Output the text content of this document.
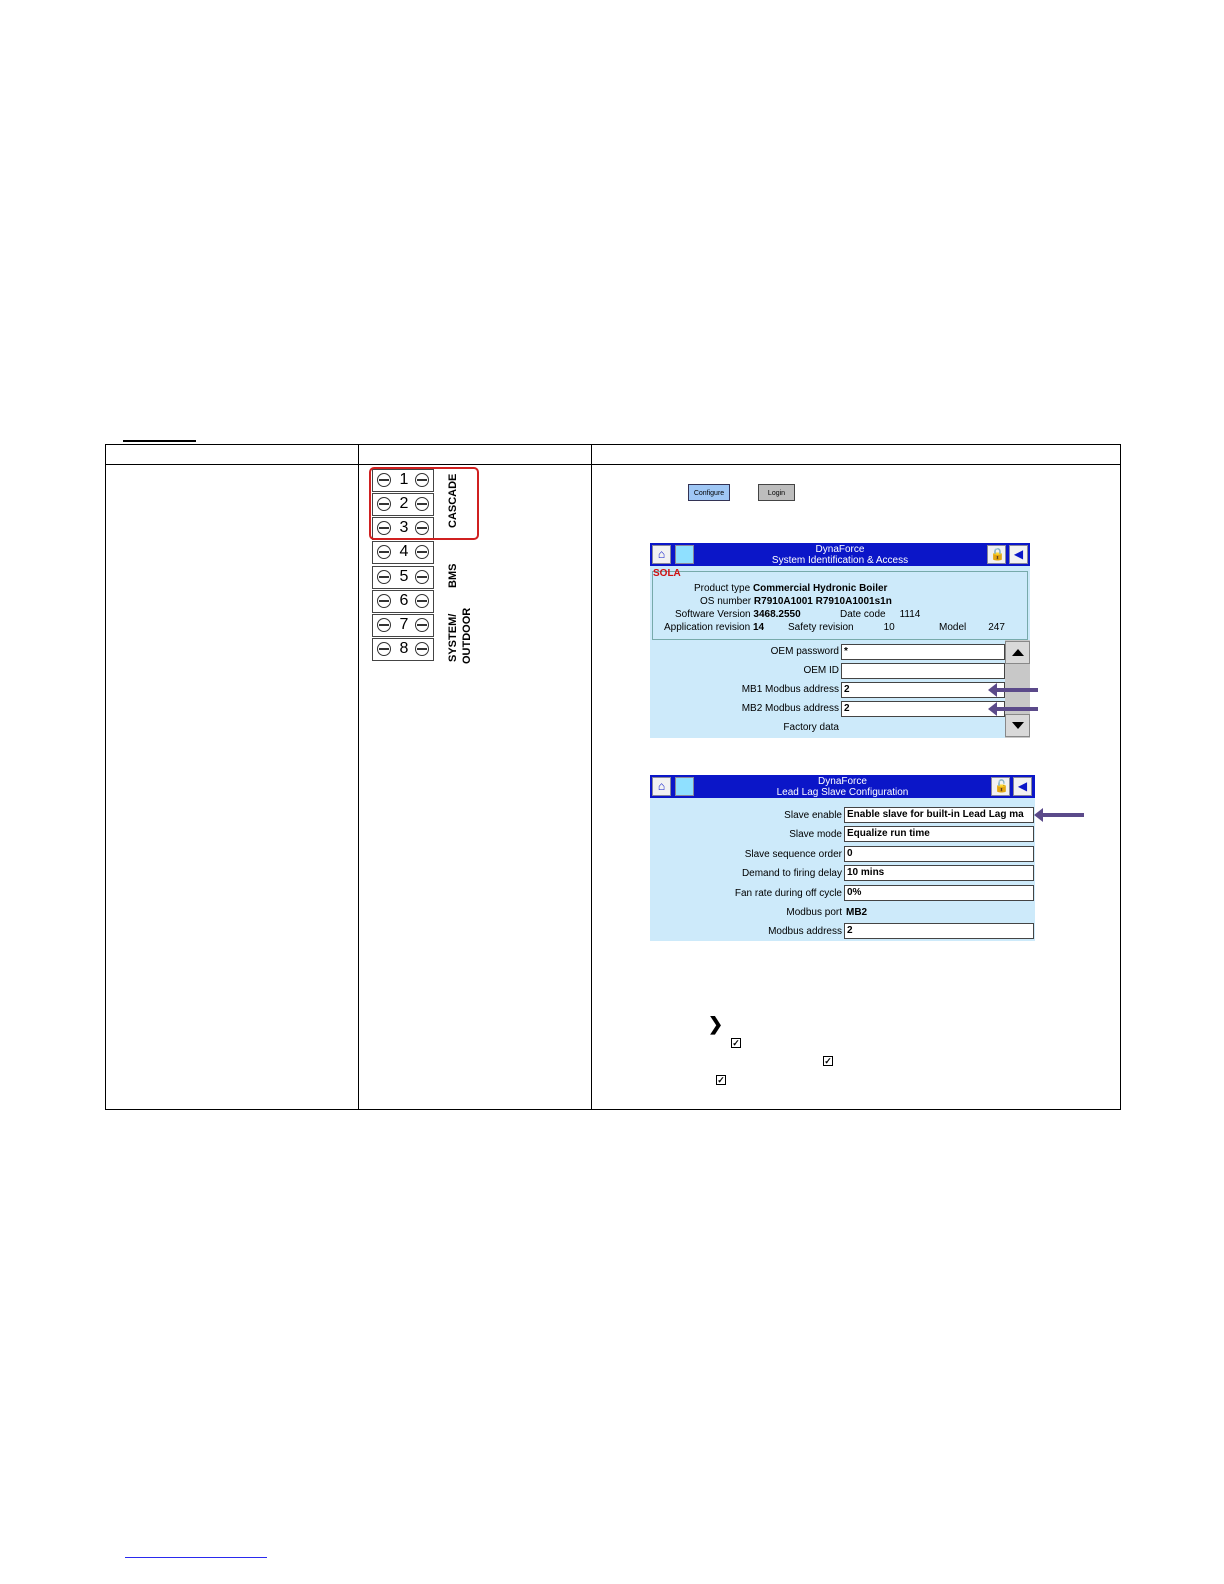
1
2
3
4
5
6
7
8
CASCADE
BMS
SYSTEM/ OUTDOOR
Configure	Login
⌂	DynaForce
System Identification & Access	🔒 ◀
SOLA
Product type Commercial Hydronic Boiler
OS number R7910A1001 R7910A1001s1n
Software Version 3468.2550	Date code 1114
Application revision 14 Safety revision	10	Model 247
OEM password *
OEM ID
MB1 Modbus address 2
MB2 Modbus address 2
Factory data
⌂	DynaForce
Lead Lag Slave Configuration	🔓 ◀
Slave enable Enable slave for built-in Lead Lag ma
Slave mode Equalize run time
Slave sequence order 0
Demand to firing delay 10 mins
Fan rate during off cycle 0%
Modbus port MB2
Modbus address 2
❯
✓
✓
✓
